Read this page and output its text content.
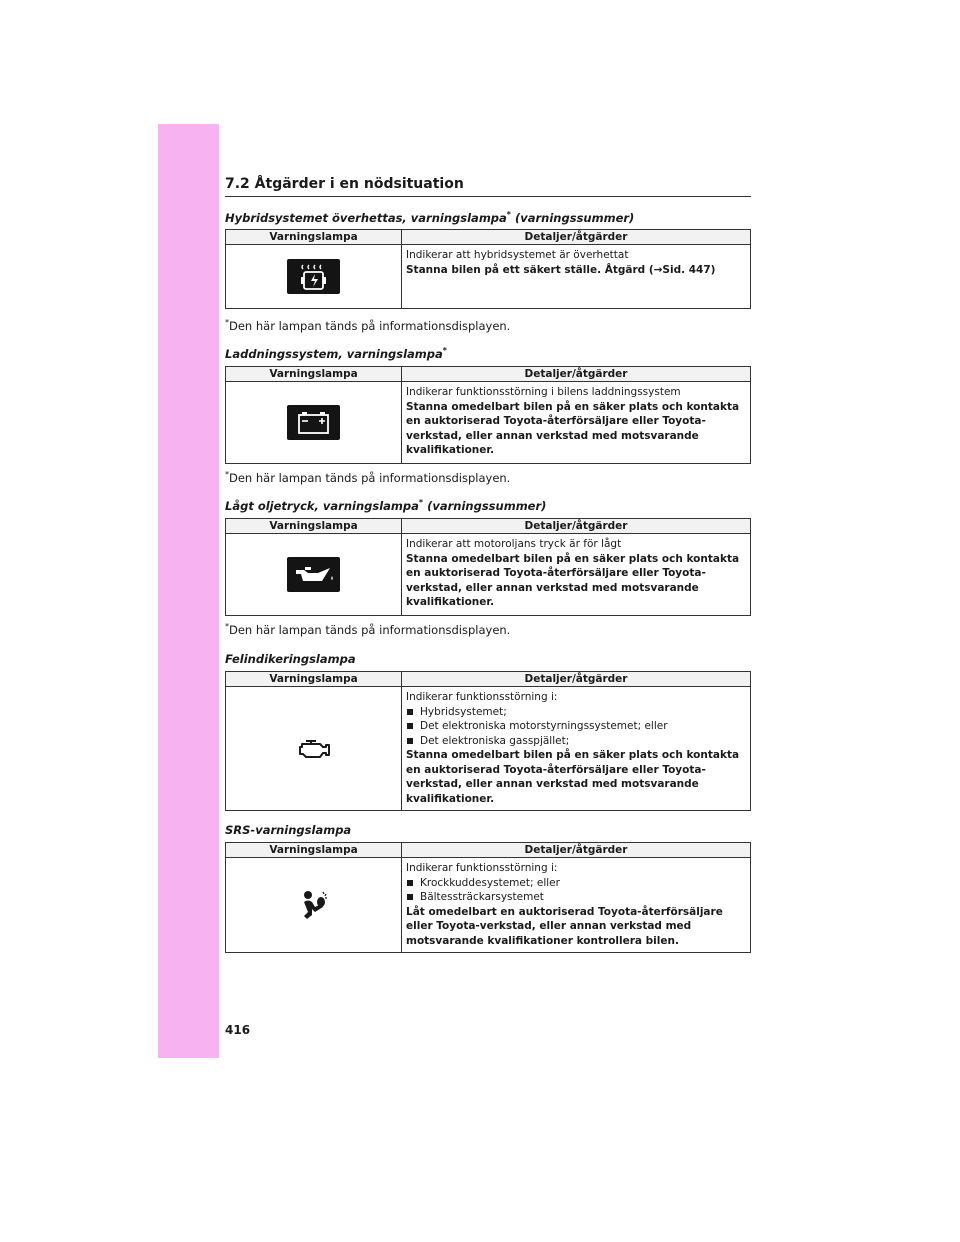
7.2 Åtgärder i en nödsituation
Hybridsystemet överhettas, varningslampa* (varningssummer)
Varningslampa	Detaljer/åtgärder

Indikerar att hybridsystemet är överhettat
Stanna bilen på ett säkert ställe. Åtgärd (→Sid. 447)
*Den här lampan tänds på informationsdisplayen.
Laddningssystem, varningslampa*
Varningslampa	Detaljer/åtgärder

Indikerar funktionsstörning i bilens laddningssystem
Stanna omedelbart bilen på en säker plats och kontakta en auktoriserad Toyota-återförsäljare eller Toyota-verkstad, eller annan verkstad med motsvarande kvalifikationer.
*Den här lampan tänds på informationsdisplayen.
Lågt oljetryck, varningslampa* (varningssummer)
Varningslampa	Detaljer/åtgärder

Indikerar att motoroljans tryck är för lågt
Stanna omedelbart bilen på en säker plats och kontakta en auktoriserad Toyota-återförsäljare eller Toyota-verkstad, eller annan verkstad med motsvarande kvalifikationer.
*Den här lampan tänds på informationsdisplayen.
Felindikeringslampa
Varningslampa	Detaljer/åtgärder

Indikerar funktionsstörning i:
Hybridsystemet;
Det elektroniska motorstyrningssystemet; eller
Det elektroniska gasspjället;
Stanna omedelbart bilen på en säker plats och kontakta en auktoriserad Toyota-återförsäljare eller Toyota-verkstad, eller annan verkstad med motsvarande kvalifikationer.
SRS-varningslampa
Varningslampa	Detaljer/åtgärder

Indikerar funktionsstörning i:
Krockkuddesystemet; eller
Bältessträckarsystemet
Låt omedelbart en auktoriserad Toyota-återförsäljare eller Toyota-verkstad, eller annan verkstad med motsvarande kvalifikationer kontrollera bilen.
416
